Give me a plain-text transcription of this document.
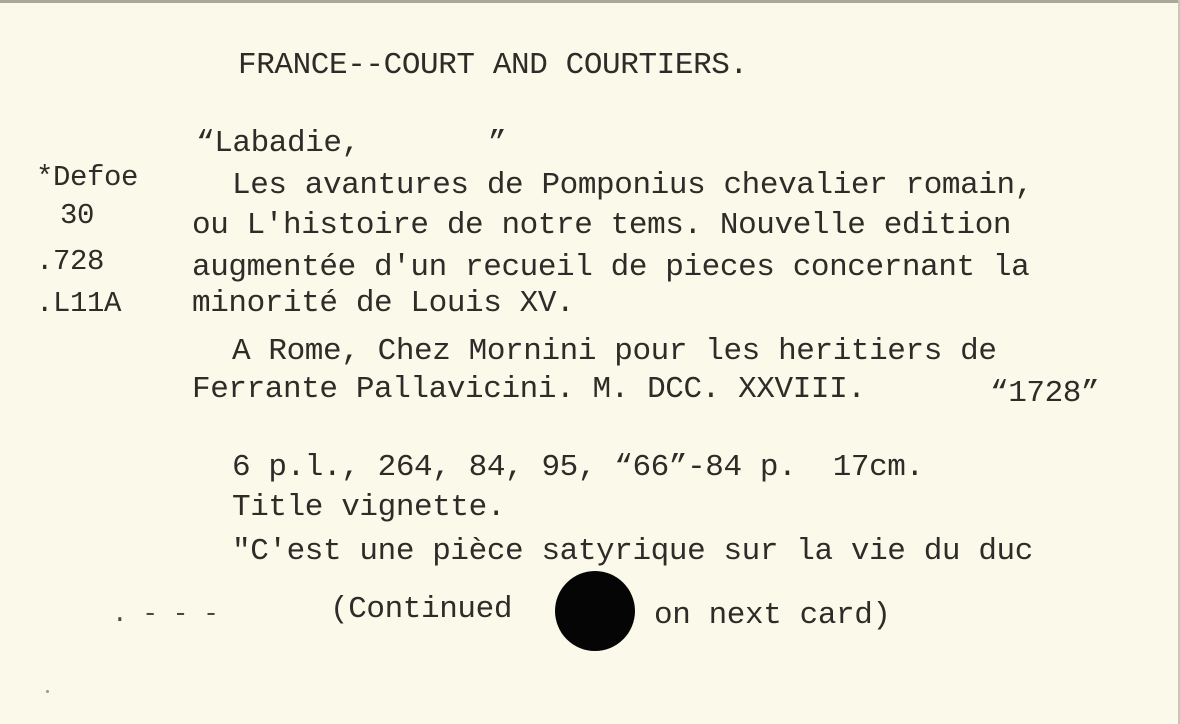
FRANCE--COURT AND COURTIERS.
“Labadie,	”
*Defoe
30
.728
.L11A
Les avantures de Pomponius chevalier romain,
ou L'histoire de notre tems. Nouvelle edition
augmentée d'un recueil de pieces concernant la
minorité de Louis XV.
A Rome, Chez Mornini pour les heritiers de
Ferrante Pallavicini. M. DCC. XXVIII.	“1728”
6 p.l., 264, 84, 95, “66”-84 p.  17cm.
Title vignette.
"C'est une pièce satyrique sur la vie du duc
. - - -	(Continued	on next card)
